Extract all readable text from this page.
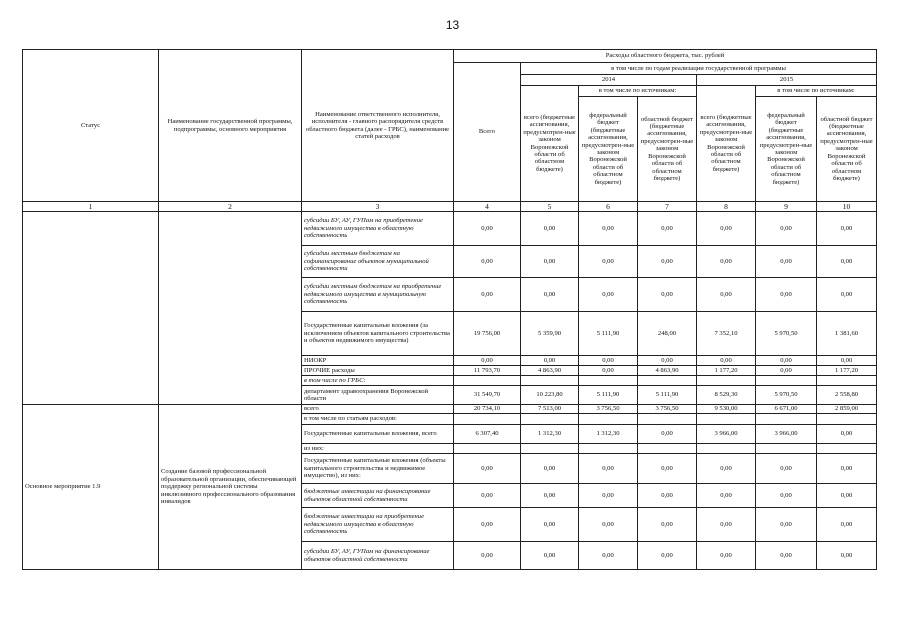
13
Статус	Наименование государственной программы, подпрограммы, основного мероприятия	Наименование ответственного исполнителя, исполнителя - главного распорядителя средств областного бюджета (далее - ГРБС), наименование статей расходов	Расходы областного бюджета, тыс. рублей						
			Всего	в том числе по годам реализации государственной программы					
				2014			2015		
				всего (бюджетные ассигнования, предусмотрен-ные законом Воронежской области об областном бюджете)	в том числе по источникам:		всего (бюджетные ассигнования, предусмотрен-ные законом Воронежской области об областном бюджете)	в том числе по источникам:	
					федеральный бюджет (бюджетные ассигнования, предусмотрен-ные законом Воронежской области об областном бюджете)	областной бюджет (бюджетные ассигнования, предусмотрен-ные законом Воронежской области об областном бюджете)		федеральный бюджет (бюджетные ассигнования, предусмотрен-ные законом Воронежской области об областном бюджете)	областной бюджет (бюджетные ассигнования, предусмотрен-ные законом Воронежской области об областном бюджете)
1	2	3	4	5	6	7	8	9	10
		субсидии БУ, АУ, ГУПам на приобретение недвижимого имущества в областную собственность	0,00	0,00	0,00	0,00	0,00	0,00	0,00
		субсидии местным бюджетам на софинансирование объектов муниципальной собственности	0,00	0,00	0,00	0,00	0,00	0,00	0,00
		субсидии местным бюджетам на приобретение недвижимого имущества в муниципальную собственность	0,00	0,00	0,00	0,00	0,00	0,00	0,00
		Государственные капитальные вложения (за исключением объектов капитального строительства и объектов недвижимого имущества)	19 756,00	5 359,90	5 111,90	248,00	7 352,10	5 970,50	1 381,60
		НИОКР	0,00	0,00	0,00	0,00	0,00	0,00	0,00
		ПРОЧИЕ расходы	11 793,70	4 863,90	0,00	4 863,90	1 177,20	0,00	1 177,20
		в том числе по ГРБС:							
		департамент здравоохранения Воронежской области	31 549,70	10 223,80	5 111,90	5 111,90	8 529,30	5 970,50	2 558,80
Основное мероприятие 1.9	Создание базовой профессиональной образовательной организации, обеспечивающей поддержку региональной системы инклюзивного профессионального образования инвалидов	всего	20 734,10	7 513,00	3 756,50	3 756,50	9 530,00	6 671,00	2 859,00
		в том числе по статьям расходов:							
		Государственные капитальные вложения, всего	6 307,40	1 312,30	1 312,30	0,00	3 966,00	3 966,00	0,00
		из них:							
		Государственные капитальные вложения (объекты капитального строительства и недвижимое имущество), из них:	0,00	0,00	0,00	0,00	0,00	0,00	0,00
		бюджетные инвестиции на финансирование объектов областной собственности	0,00	0,00	0,00	0,00	0,00	0,00	0,00
		бюджетные инвестиции на приобретение недвижимого имущества в областную собственность	0,00	0,00	0,00	0,00	0,00	0,00	0,00
		субсидии БУ, АУ, ГУПам на финансирование объектов областной собственности	0,00	0,00	0,00	0,00	0,00	0,00	0,00
